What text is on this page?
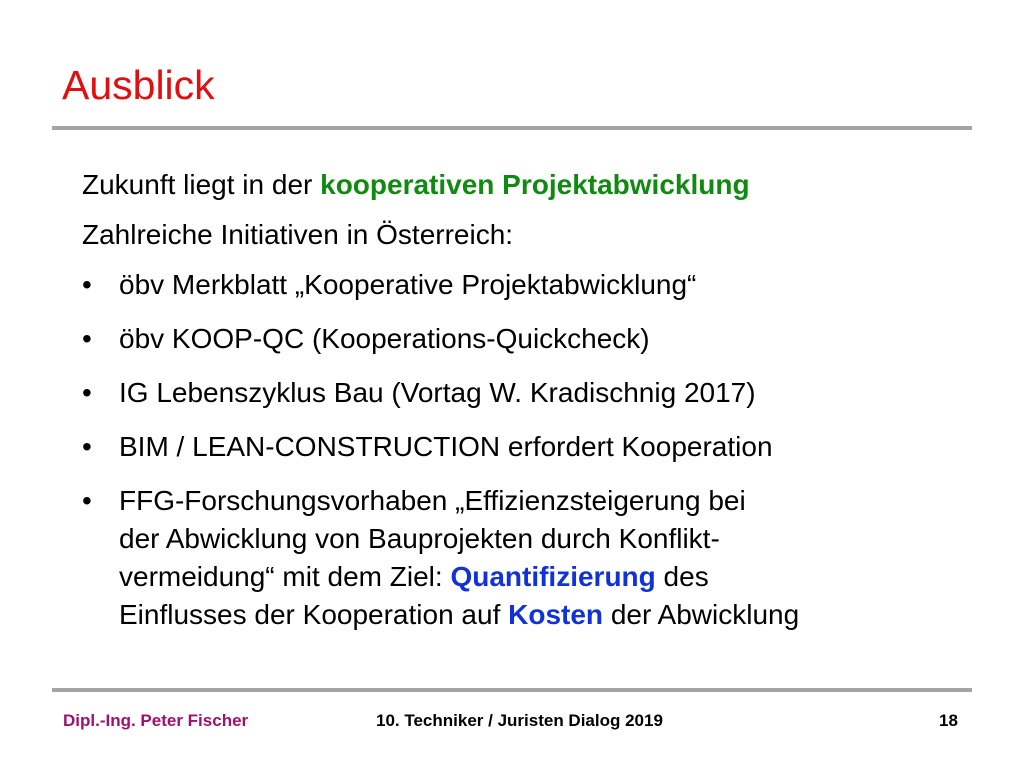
Ausblick
Zukunft liegt in der kooperativen Projektabwicklung
Zahlreiche Initiativen in Österreich:
• öbv Merkblatt „Kooperative Projektabwicklung“
• öbv KOOP-QC (Kooperations-Quickcheck)
• IG Lebenszyklus Bau (Vortag W. Kradischnig 2017)
• BIM / LEAN-CONSTRUCTION erfordert Kooperation
• FFG-Forschungsvorhaben „Effizienzsteigerung bei
der Abwicklung von Bauprojekten durch Konflikt-
vermeidung“ mit dem Ziel: Quantifizierung des
Einflusses der Kooperation auf Kosten der Abwicklung
Dipl.-Ing. Peter Fischer	10. Techniker / Juristen Dialog 2019	18
